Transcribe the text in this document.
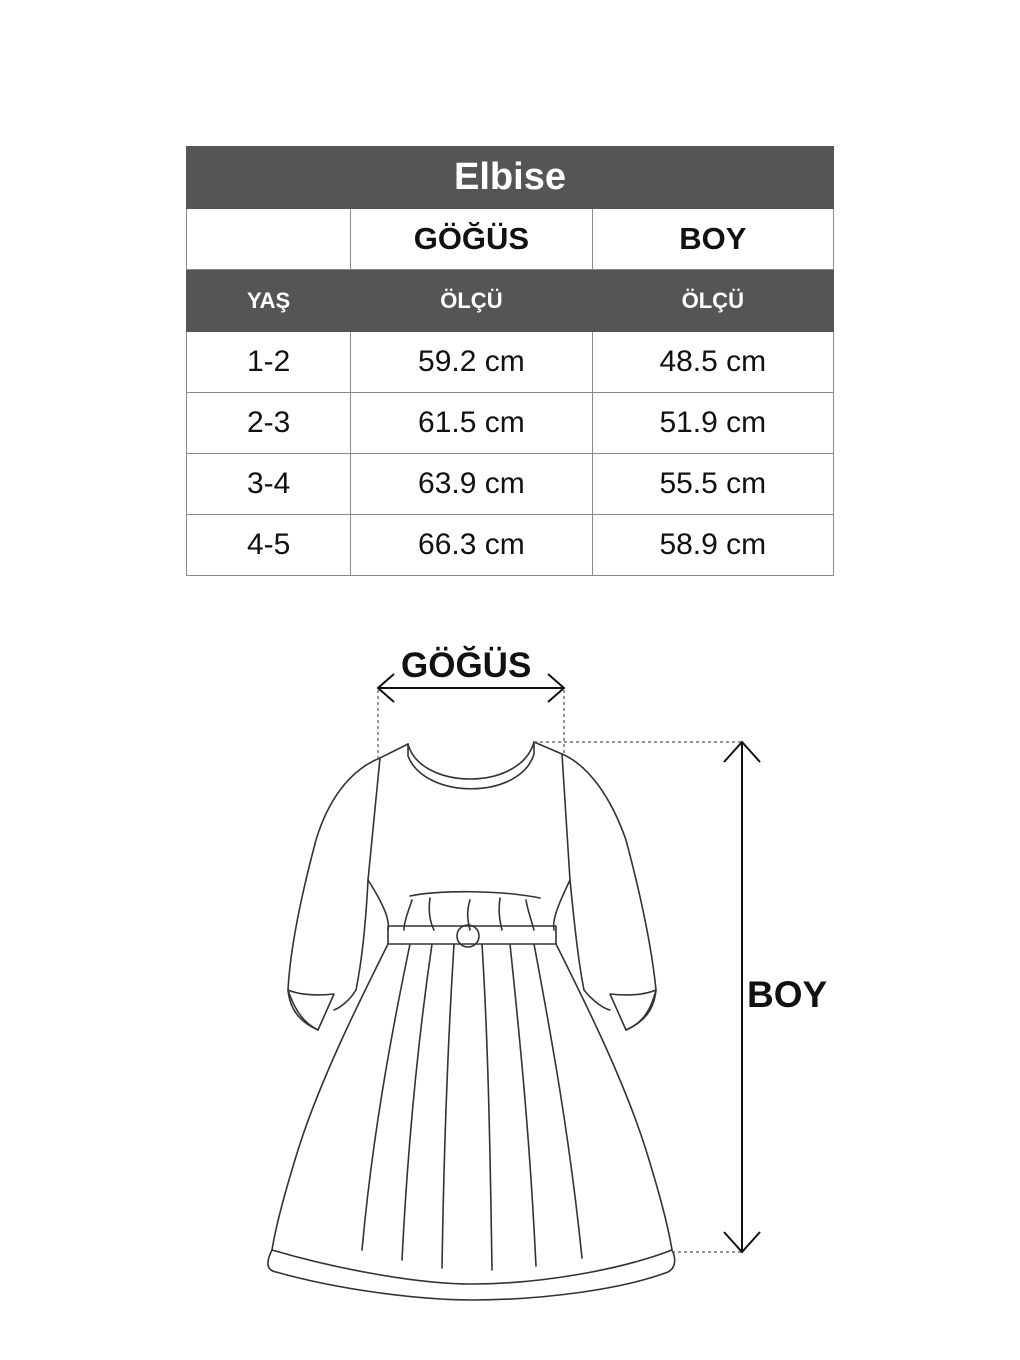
Elbise		
	GÖĞÜS	BOY
YAŞ	ÖLÇÜ	ÖLÇÜ
1-2	59.2 cm	48.5 cm
2-3	61.5 cm	51.9 cm
3-4	63.9 cm	55.5 cm
4-5	66.3 cm	58.9 cm
GÖĞÜS
BOY
